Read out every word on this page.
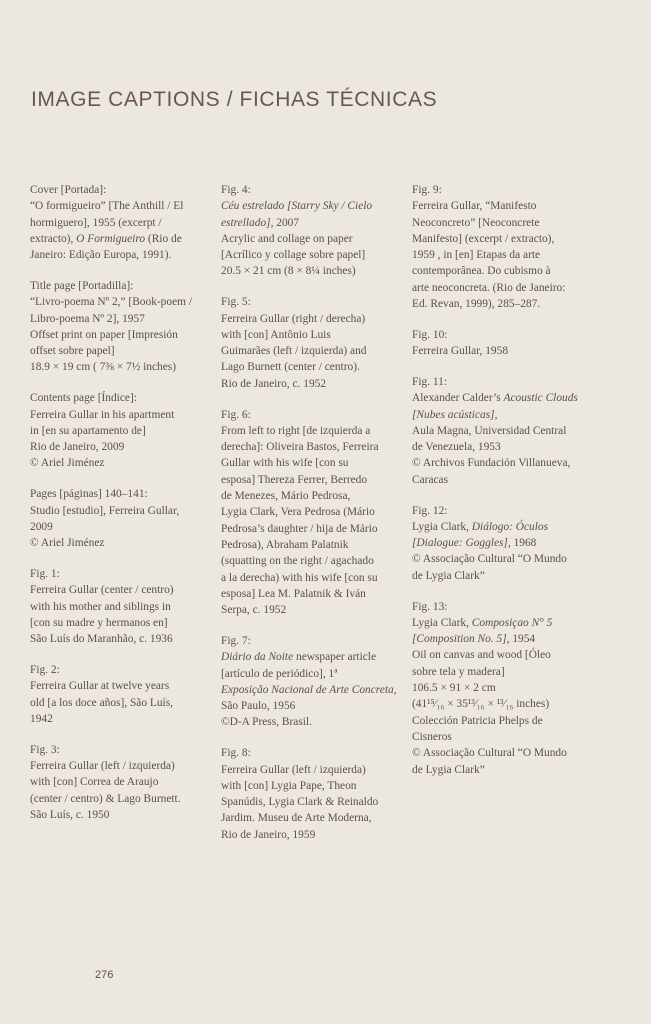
IMAGE CAPTIONS / FICHAS TÉCNICAS
Cover [Portada]:
“O formigueiro” [The Anthill / El
hormiguero], 1955 (excerpt /
extracto), O Formigueiro (Rio de
Janeiro: Edição Europa, 1991).
Title page [Portadilla]:
“Livro-poema Nº 2,” [Book-poem /
Libro-poema Nº 2], 1957
Offset print on paper [Impresión
offset sobre papel]
18.9 × 19 cm ( 7⅜ × 7½ inches)
Contents page [Índice]:
Ferreira Gullar in his apartment
in [en su apartamento de]
Rio de Janeiro, 2009
© Ariel Jiménez
Pages [páginas] 140–141:
Studio [estudio], Ferreira Gullar,
2009
© Ariel Jiménez
Fig. 1:
Ferreira Gullar (center / centro)
with his mother and siblings in
[con su madre y hermanos en]
São Luís do Maranhão, c. 1936
Fig. 2:
Ferreira Gullar at twelve years
old [a los doce años], São Luís,
1942
Fig. 3:
Ferreira Gullar (left / izquierda)
with [con] Correa de Araujo
(center / centro) & Lago Burnett.
São Luís, c. 1950
Fig. 4:
Céu estrelado [Starry Sky / Cielo
estrellado], 2007
Acrylic and collage on paper
[Acrílico y collage sobre papel]
20.5 × 21 cm (8 × 8¼ inches)
Fig. 5:
Ferreira Gullar (right / derecha)
with [con] Antônio Luis
Guimarães (left / izquierda) and
Lago Burnett (center / centro).
Rio de Janeiro, c. 1952
Fig. 6:
From left to right [de izquierda a
derecha]: Oliveira Bastos, Ferreira
Gullar with his wife [con su
esposa] Thereza Ferrer, Berredo
de Menezes, Mário Pedrosa,
Lygia Clark, Vera Pedrosa (Mário
Pedrosa’s daughter / hija de Mário
Pedrosa), Abraham Palatnik
(squatting on the right / agachado
a la derecha) with his wife [con su
esposa] Lea M. Palatnik & Iván
Serpa, c. 1952
Fig. 7:
Diário da Noite newspaper article
[artículo de periódico], 1ª
Exposição Nacional de Arte Concreta,
São Paulo, 1956
©D-A Press, Brasil.
Fig. 8:
Ferreira Gullar (left / izquierda)
with [con] Lygia Pape, Theon
Spanúdis, Lygia Clark & Reinaldo
Jardim. Museu de Arte Moderna,
Rio de Janeiro, 1959
Fig. 9:
Ferreira Gullar, “Manifesto
Neoconcreto” [Neoconcrete
Manifesto] (excerpt / extracto),
1959 , in [en] Etapas da arte
contemporânea. Do cubismo à
arte neoconcreta. (Rio de Janeiro:
Ed. Revan, 1999), 285–287.
Fig. 10:
Ferreira Gullar, 1958
Fig. 11:
Alexander Calder’s Acoustic Clouds
[Nubes acústicas],
Aula Magna, Universidad Central
de Venezuela, 1953
© Archivos Fundación Villanueva,
Caracas
Fig. 12:
Lygia Clark, Diálogo: Óculos
[Dialogue: Goggles], 1968
© Associação Cultural “O Mundo
de Lygia Clark”
Fig. 13:
Lygia Clark, Composiçao N° 5
[Composition No. 5], 1954
Oil on canvas and wood [Óleo
sobre tela y madera]
106.5 × 91 × 2 cm
(41¹⁵⁄₁₆ × 35¹³⁄₁₆ × ¹³⁄₁₆ inches)
Colección Patricia Phelps de
Cisneros
© Associação Cultural “O Mundo
de Lygia Clark”
276
